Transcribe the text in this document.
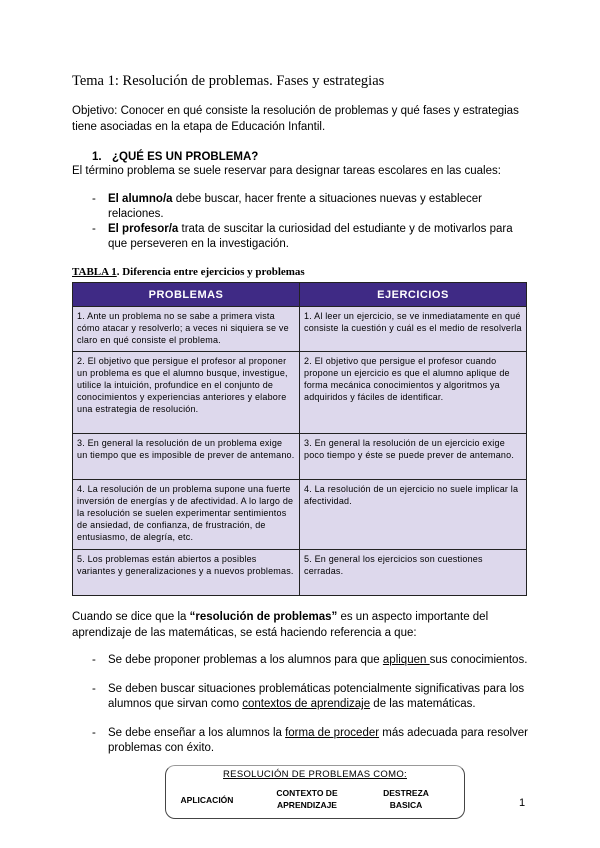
Tema 1: Resolución de problemas. Fases y estrategias
Objetivo: Conocer en qué consiste la resolución de problemas y qué fases y estrategias tiene asociadas en la etapa de Educación Infantil.
1. ¿QUÉ ES UN PROBLEMA?
El término problema se suele reservar para designar tareas escolares en las cuales:
- El alumno/a debe buscar, hacer frente a situaciones nuevas y establecer relaciones.
- El profesor/a trata de suscitar la curiosidad del estudiante y de motivarlos para que perseveren en la investigación.
TABLA 1. Diferencia entre ejercicios y problemas
PROBLEMAS	EJERCICIOS
1. Ante un problema no se sabe a primera vista cómo atacar y resolverlo; a veces ni siquiera se ve claro en qué consiste el problema.	1. Al leer un ejercicio, se ve inmediatamente en qué consiste la cuestión y cuál es el medio de resolverla
2. El objetivo que persigue el profesor al proponer un problema es que el alumno busque, investigue, utilice la intuición, profundice en el conjunto de conocimientos y experiencias anteriores y elabore una estrategia de resolución.	2. El objetivo que persigue el profesor cuando propone un ejercicio es que el alumno aplique de forma mecánica conocimientos y algoritmos ya adquiridos y fáciles de identificar.
3. En general la resolución de un problema exige un tiempo que es imposible de prever de antemano.	3. En general la resolución de un ejercicio exige poco tiempo y éste se puede prever de antemano.
4. La resolución de un problema supone una fuerte inversión de energías y de afectividad. A lo largo de la resolución se suelen experimentar sentimientos de ansiedad, de confianza, de frustración, de entusiasmo, de alegría, etc.	4. La resolución de un ejercicio no suele implicar la afectividad.
5. Los problemas están abiertos a posibles variantes y generalizaciones y a nuevos problemas.	5. En general los ejercicios son cuestiones cerradas.
Cuando se dice que la “resolución de problemas” es un aspecto importante del aprendizaje de las matemáticas, se está haciendo referencia a que:
- Se debe proponer problemas a los alumnos para que apliquen sus conocimientos.
- Se deben buscar situaciones problemáticas potencialmente significativas para los alumnos que sirvan como contextos de aprendizaje de las matemáticas.
- Se debe enseñar a los alumnos la forma de proceder más adecuada para resolver problemas con éxito.
RESOLUCIÓN DE PROBLEMAS COMO:
APLICACIÓN
CONTEXTO DE APRENDIZAJE
DESTREZA BASICA	1
